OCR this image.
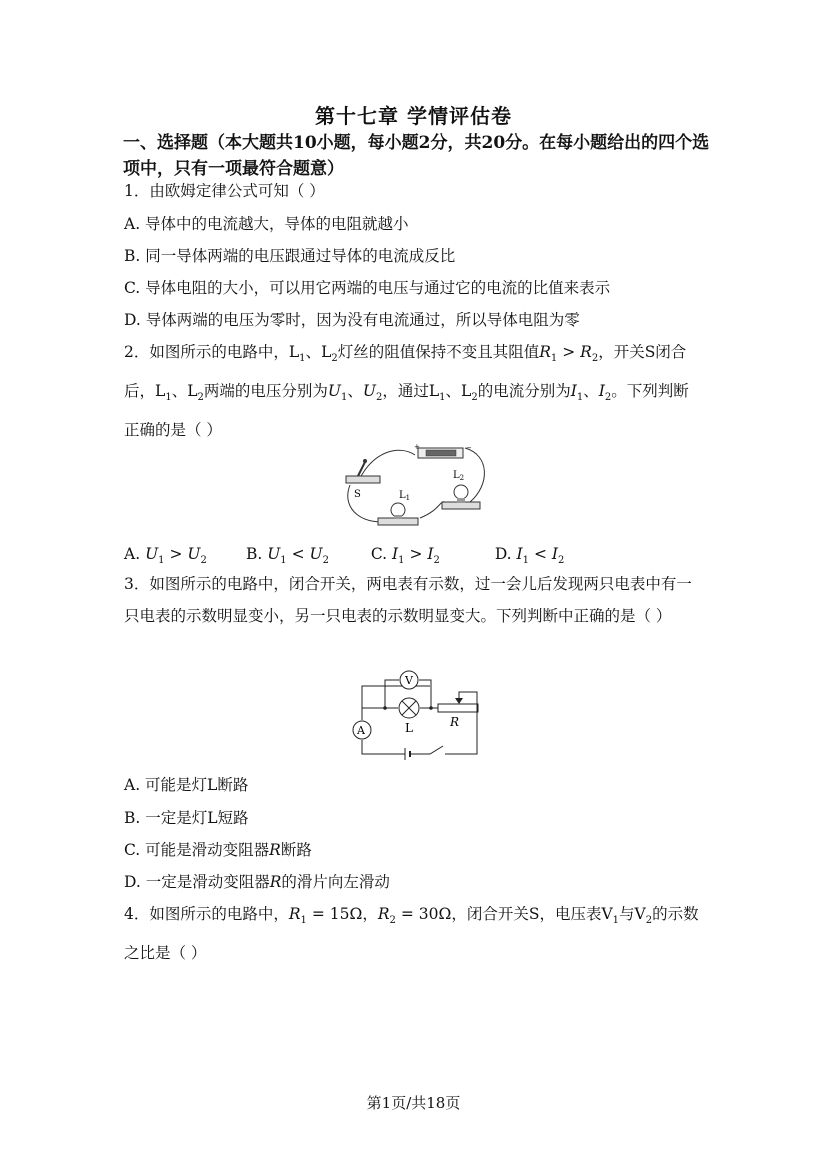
第十七章 学情评估卷
一、选择题（本大题共10小题，每小题2分，共20分。在每小题给出的四个选项中，只有一项最符合题意）
1．由欧姆定律公式可知（ ）
A. 导体中的电流越大，导体的电阻就越小
B. 同一导体两端的电压跟通过导体的电流成反比
C. 导体电阻的大小，可以用它两端的电压与通过它的电流的比值来表示
D. 导体两端的电压为零时，因为没有电流通过，所以导体电阻为零
2．如图所示的电路中，$L_1$、$L_2$灯丝的阻值保持不变且其阻值$R_1 > R_2$，开关S闭合后，$L_1$、$L_2$两端的电压分别为$U_1$、$U_2$，通过$L_1$、$L_2$的电流分别为$I_1$、$I_2$。下列判断正确的是（ ）
+	−
S
$L_2$
$L_1$
A. $U_1 > U_2$	B. $U_1 < U_2$	C. $I_1 > I_2$	D. $I_1 < I_2$
3．如图所示的电路中，闭合开关，两电表有示数，过一会儿后发现两只电表中有一只电表的示数明显变小，另一只电表的示数明显变大。下列判断中正确的是（ ）
V
A	L	R
A. 可能是灯L断路
B. 一定是灯L短路
C. 可能是滑动变阻器R断路
D. 一定是滑动变阻器R的滑片向左滑动
4．如图所示的电路中，$R_1 = 15\Omega$，$R_2 = 30\Omega$，闭合开关S，电压表$V_1$与$V_2$的示数之比是（ ）
第1页/共18页
